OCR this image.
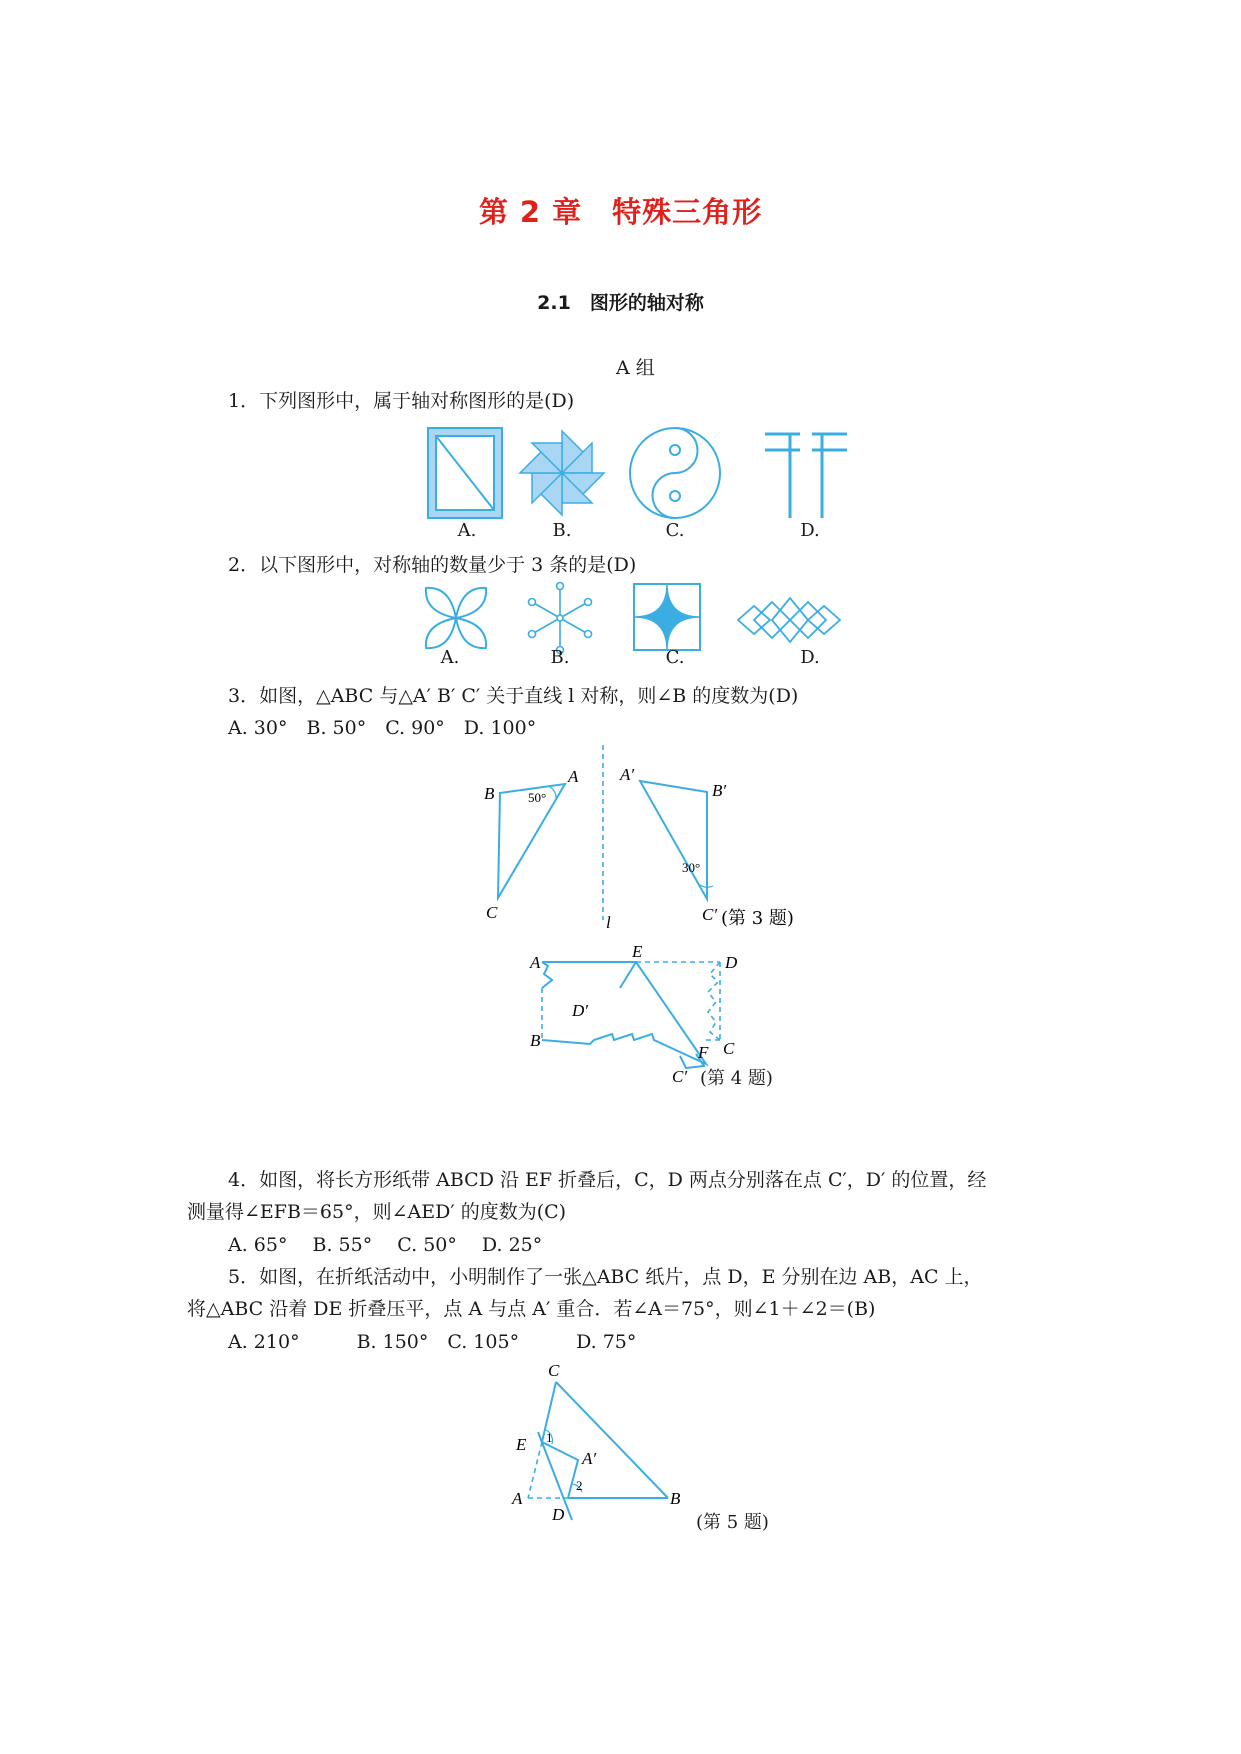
第 2 章　特殊三角形
2.1　图形的轴对称
A 组
1．下列图形中，属于轴对称图形的是(D)
A.	B.	C.	D.
2．以下图形中，对称轴的数量少于 3 条的是(D)
A.	B.	C.	D.
3．如图，△ABC 与△A′ B′ C′ 关于直线 l 对称，则∠B 的度数为(D)
A. 30°　B. 50°　C. 90°　D. 100°
B
A
C
50°
A′
B′
30°
C′
l	(第 3 题)
A
E
D
D′
B
F C
C′ (第 4 题)
4．如图，将长方形纸带 ABCD 沿 EF 折叠后，C，D 两点分别落在点 C′，D′ 的位置，经
测量得∠EFB＝65°，则∠AED′ 的度数为(C)
A. 65°　 B. 55°　 C. 50°　 D. 25°
5．如图，在折纸活动中，小明制作了一张△ABC 纸片，点 D，E 分别在边 AB，AC 上，
将△ABC 沿着 DE 折叠压平，点 A 与点 A′ 重合．若∠A＝75°，则∠1＋∠2＝(B)
A. 210°　　　B. 150°　C. 105°　　　D. 75°
C
E 1
A′
2
A
D
B
(第 5 题)
